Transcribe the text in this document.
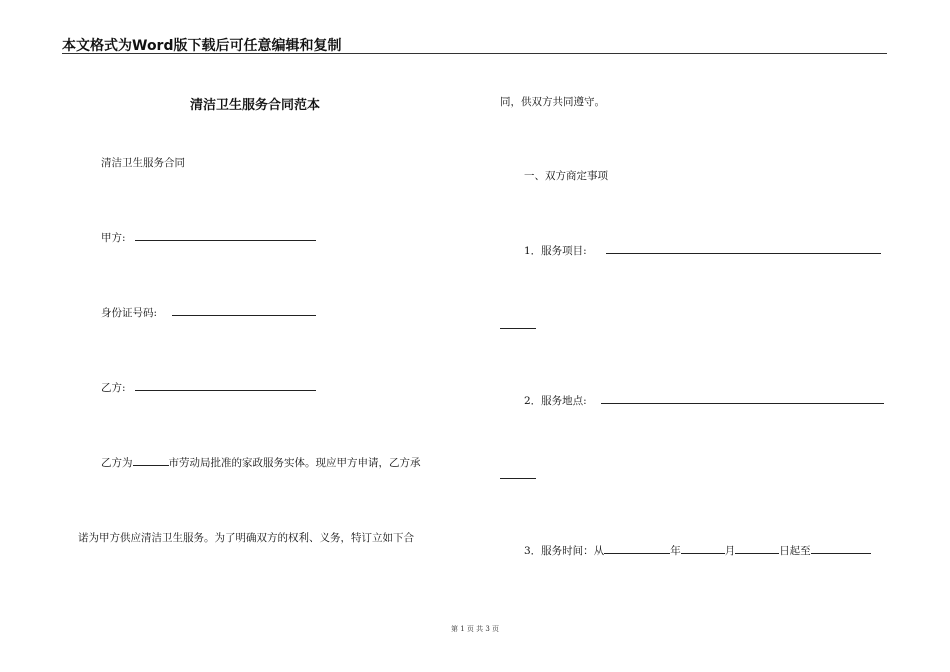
本文格式为Word版下载后可任意编辑和复制
清洁卫生服务合同范本
清洁卫生服务合同
甲方:
身份证号码:
乙方:
乙方为	市劳动局批准的家政服务实体。现应甲方申请，乙方承
诺为甲方供应清洁卫生服务。为了明确双方的权利、义务，特订立如下合
同，供双方共同遵守。
一、双方商定事项
1．服务项目:
2．服务地点:
3．服务时间：从	年	月	日起至
第 1 页 共 3 页
